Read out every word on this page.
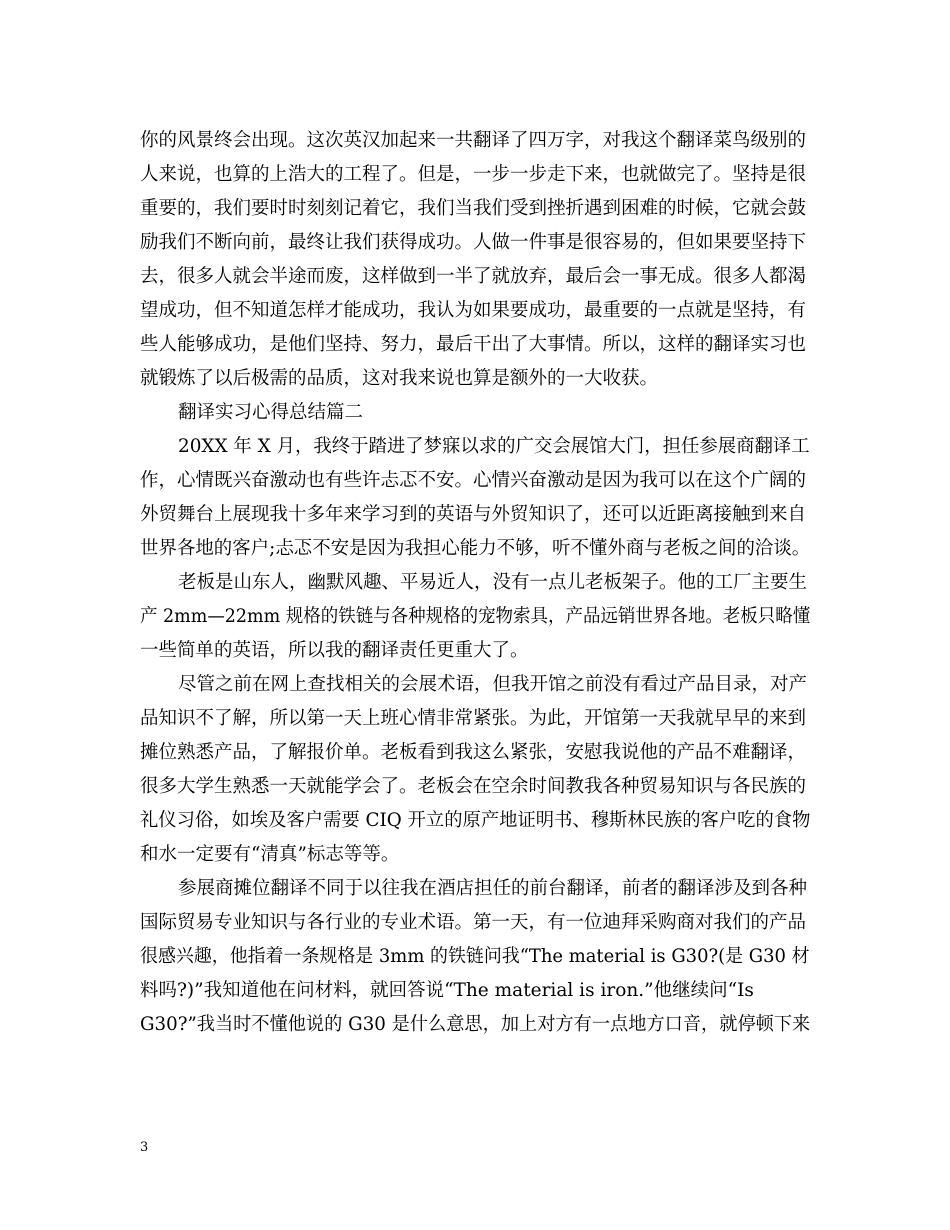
你的风景终会出现。这次英汉加起来一共翻译了四万字，对我这个翻译菜鸟级别的
人来说，也算的上浩大的工程了。但是，一步一步走下来，也就做完了。坚持是很
重要的，我们要时时刻刻记着它，我们当我们受到挫折遇到困难的时候，它就会鼓
励我们不断向前，最终让我们获得成功。人做一件事是很容易的，但如果要坚持下
去，很多人就会半途而废，这样做到一半了就放弃，最后会一事无成。很多人都渴
望成功，但不知道怎样才能成功，我认为如果要成功，最重要的一点就是坚持，有
些人能够成功，是他们坚持、努力，最后干出了大事情。所以，这样的翻译实习也
就锻炼了以后极需的品质，这对我来说也算是额外的一大收获。
翻译实习心得总结篇二
20XX 年 X 月，我终于踏进了梦寐以求的广交会展馆大门，担任参展商翻译工
作，心情既兴奋激动也有些许忐忑不安。心情兴奋激动是因为我可以在这个广阔的
外贸舞台上展现我十多年来学习到的英语与外贸知识了，还可以近距离接触到来自
世界各地的客户;忐忑不安是因为我担心能力不够，听不懂外商与老板之间的洽谈。
老板是山东人，幽默风趣、平易近人，没有一点儿老板架子。他的工厂主要生
产 2mm—22mm 规格的铁链与各种规格的宠物索具，产品远销世界各地。老板只略懂
一些简单的英语，所以我的翻译责任更重大了。
尽管之前在网上查找相关的会展术语，但我开馆之前没有看过产品目录，对产
品知识不了解，所以第一天上班心情非常紧张。为此，开馆第一天我就早早的来到
摊位熟悉产品，了解报价单。老板看到我这么紧张，安慰我说他的产品不难翻译，
很多大学生熟悉一天就能学会了。老板会在空余时间教我各种贸易知识与各民族的
礼仪习俗，如埃及客户需要 CIQ 开立的原产地证明书、穆斯林民族的客户吃的食物
和水一定要有“清真”标志等等。
参展商摊位翻译不同于以往我在酒店担任的前台翻译，前者的翻译涉及到各种
国际贸易专业知识与各行业的专业术语。第一天，有一位迪拜采购商对我们的产品
很感兴趣，他指着一条规格是 3mm 的铁链问我“The material is G30?(是 G30 材
料吗?)”我知道他在问材料，就回答说“The material is iron.”他继续问“Is
G30?”我当时不懂他说的 G30 是什么意思，加上对方有一点地方口音，就停顿下来
3
